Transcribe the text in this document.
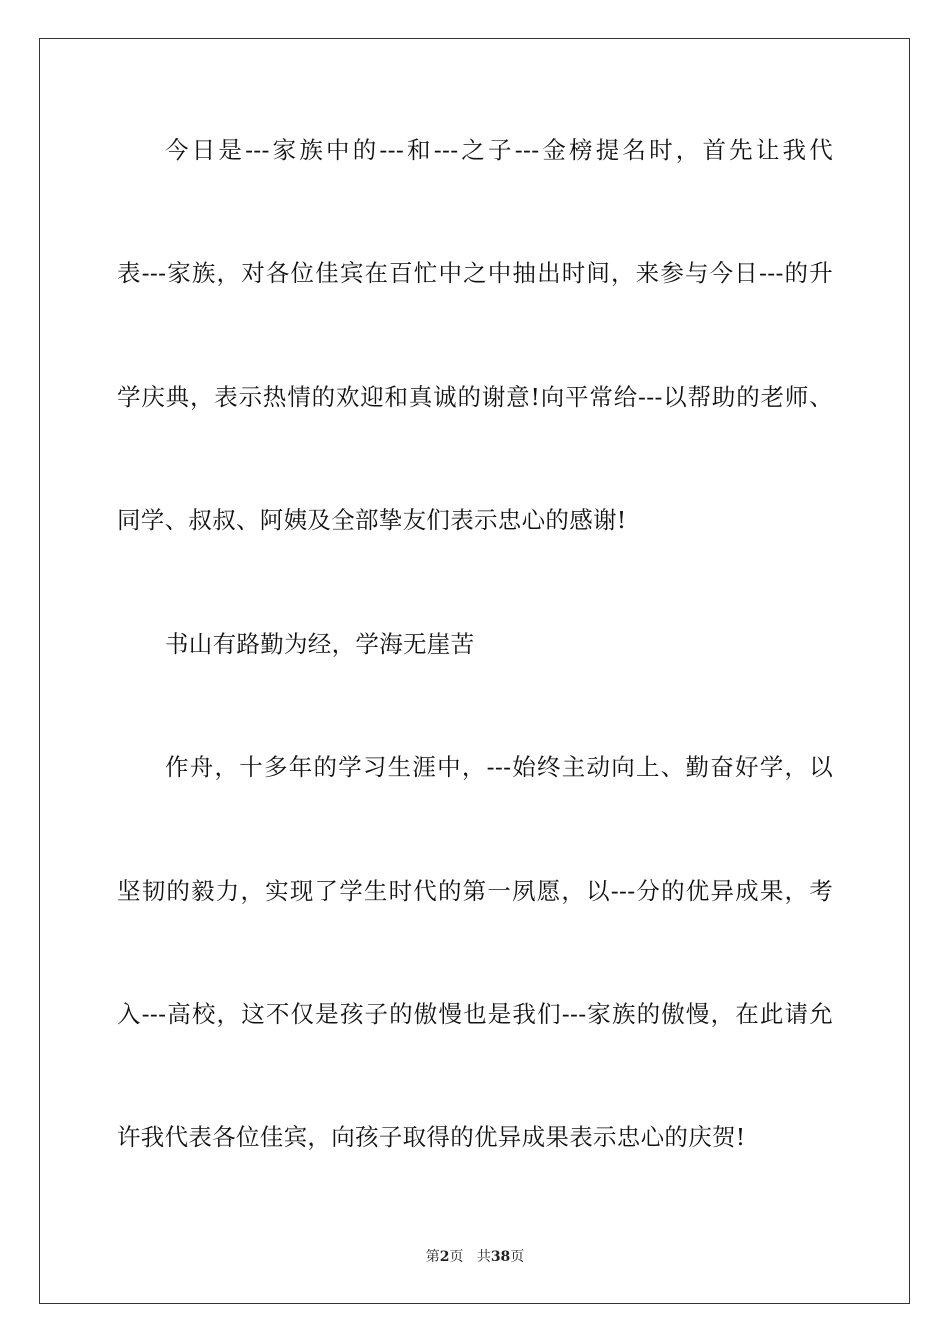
今日是---家族中的---和---之子---金榜提名时，首先让我代
表---家族，对各位佳宾在百忙中之中抽出时间，来参与今日---的升
学庆典，表示热情的欢迎和真诚的谢意!向平常给---以帮助的老师、
同学、叔叔、阿姨及全部挚友们表示忠心的感谢!
书山有路勤为经，学海无崖苦
作舟，十多年的学习生涯中，---始终主动向上、勤奋好学，以
坚韧的毅力，实现了学生时代的第一夙愿，以---分的优异成果，考
入---高校，这不仅是孩子的傲慢也是我们---家族的傲慢，在此请允
许我代表各位佳宾，向孩子取得的优异成果表示忠心的庆贺!
第2页 共38页
